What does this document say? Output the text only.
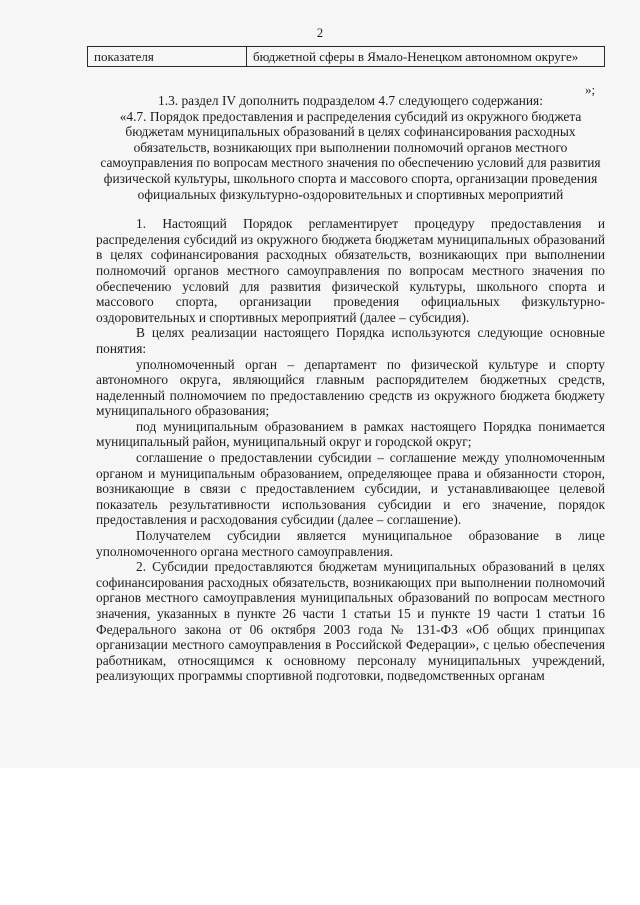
2
показателя	бюджетной сферы в Ямало-Ненецком автономном округе»
»;

1.3. раздел IV дополнить подразделом 4.7 следующего содержания:

«4.7. Порядок предоставления и распределения субсидий из окружного бюджета бюджетам муниципальных образований в целях софинансирования расходных обязательств, возникающих при выполнении полномочий органов местного самоуправления по вопросам местного значения по обеспечению условий для развития физической культуры, школьного спорта и массового спорта, организации проведения официальных физкультурно-оздоровительных и спортивных мероприятий

1. Настоящий Порядок регламентирует процедуру предоставления и распределения субсидий из окружного бюджета бюджетам муниципальных образований в целях софинансирования расходных обязательств, возникающих при выполнении полномочий органов местного самоуправления по вопросам местного значения по обеспечению условий для развития физической культуры, школьного спорта и массового спорта, организации проведения официальных физкультурно-оздоровительных и спортивных мероприятий (далее – субсидия).

В целях реализации настоящего Порядка используются следующие основные понятия:

уполномоченный орган – департамент по физической культуре и спорту автономного округа, являющийся главным распорядителем бюджетных средств, наделенный полномочием по предоставлению средств из окружного бюджета бюджету муниципального образования;

под муниципальным образованием в рамках настоящего Порядка понимается муниципальный район, муниципальный округ и городской округ;

соглашение о предоставлении субсидии – соглашение между уполномоченным органом и муниципальным образованием, определяющее права и обязанности сторон, возникающие в связи с предоставлением субсидии, и устанавливающее целевой показатель результативности использования субсидии и его значение, порядок предоставления и расходования субсидии (далее – соглашение).

Получателем субсидии является муниципальное образование в лице уполномоченного органа местного самоуправления.

2. Субсидии предоставляются бюджетам муниципальных образований в целях софинансирования расходных обязательств, возникающих при выполнении полномочий органов местного самоуправления муниципальных образований по вопросам местного значения, указанных в пункте 26 части 1 статьи 15 и пункте 19 части 1 статьи 16 Федерального закона от 06 октября 2003 года № 131-ФЗ «Об общих принципах организации местного самоуправления в Российской Федерации», с целью обеспечения работникам, относящимся к основному персоналу муниципальных учреждений, реализующих программы спортивной подготовки, подведомственных органам
